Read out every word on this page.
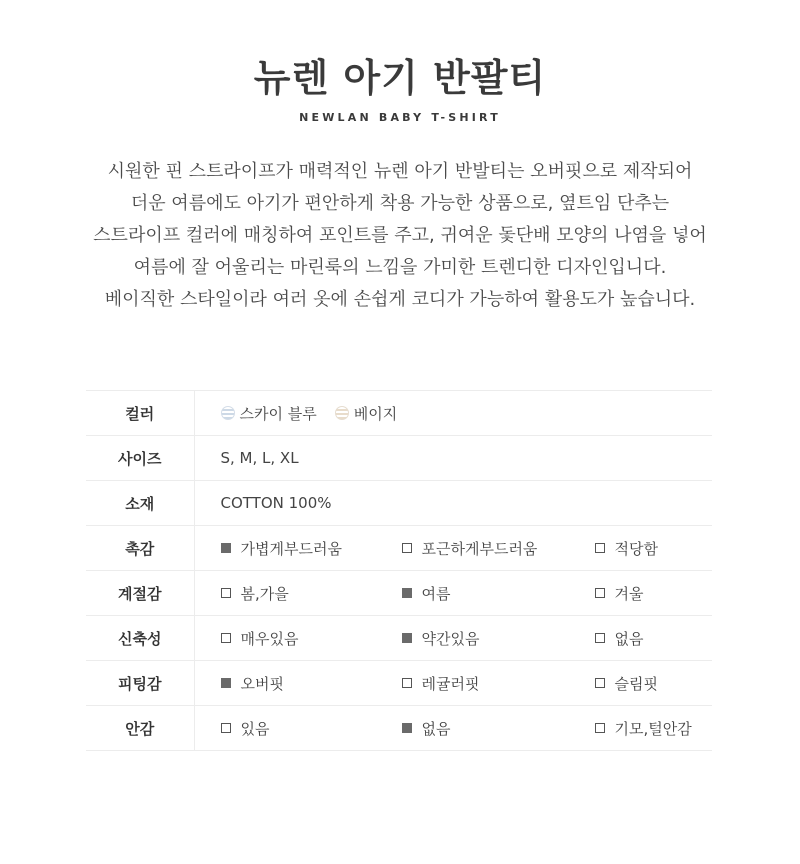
뉴렌 아기 반팔티
NEWLAN BABY T-SHIRT

시원한 핀 스트라이프가 매력적인 뉴렌 아기 반발티는 오버핏으로 제작되어

더운 여름에도 아기가 편안하게 착용 가능한 상품으로, 옆트임 단추는

스트라이프 컬러에 매칭하여 포인트를 주고, 귀여운 돛단배 모양의 나염을 넣어

여름에 잘 어울리는 마린룩의 느낌을 가미한 트렌디한 디자인입니다.

베이직한 스타일이라 여러 옷에 손쉽게 코디가 가능하여 활용도가 높습니다.

컬러	스카이 블루 베이지

사이즈	S, M, L, XL

소재	COTTON 100%

촉감	가볍게부드러움 포근하게부드러움 적당함

계절감	봄,가을 여름 겨울

신축성	매우있음 약간있음 없음

피팅감	오버핏 레귤러핏 슬림핏

안감	있음 없음 기모,털안감
